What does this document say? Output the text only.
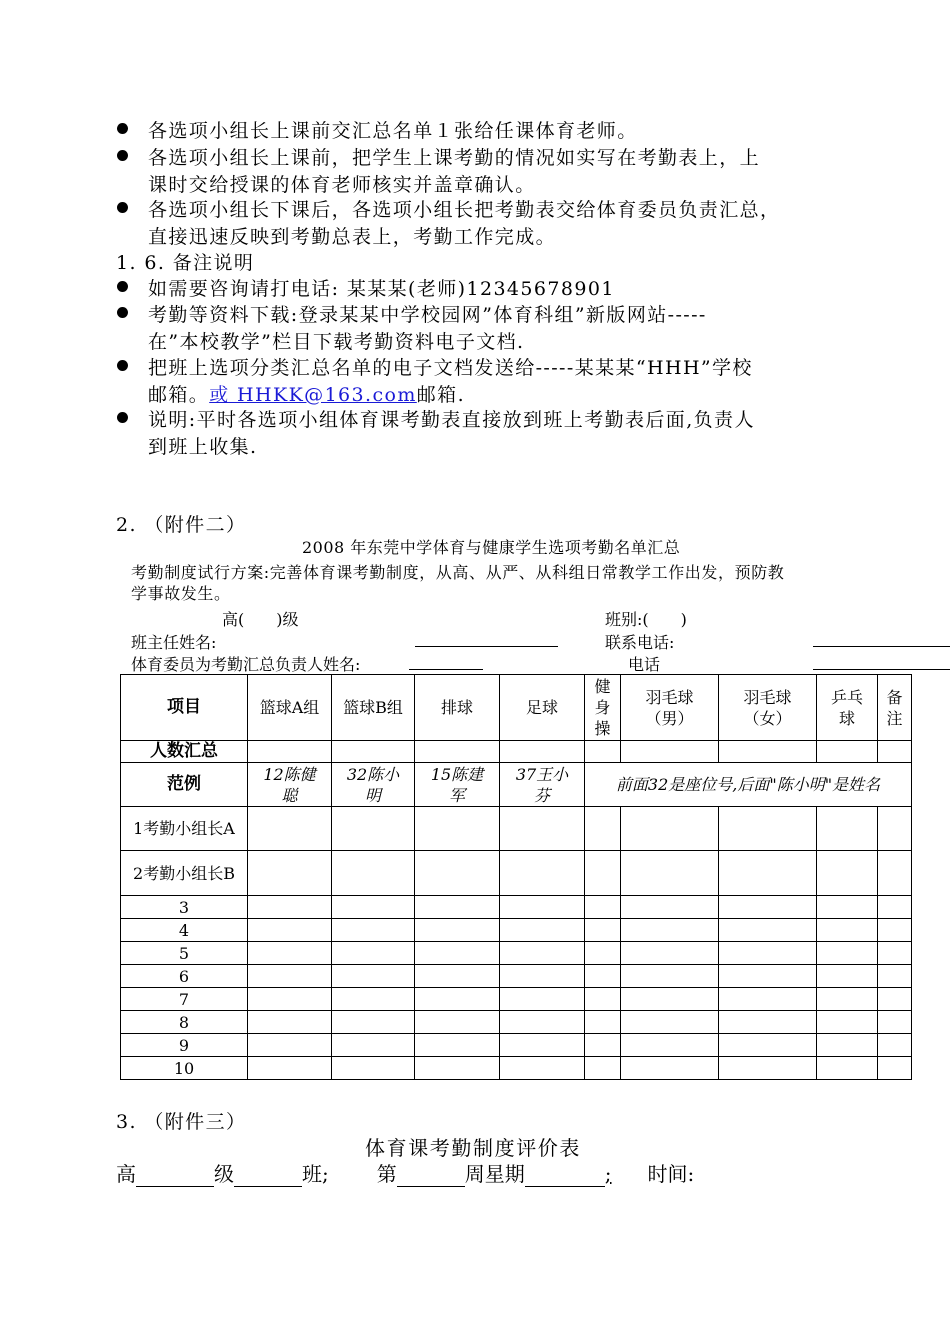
各选项小组长上课前交汇总名单１张给任课体育老师。
各选项小组长上课前，把学生上课考勤的情况如实写在考勤表上，上
课时交给授课的体育老师核实并盖章确认。
各选项小组长下课后，各选项小组长把考勤表交给体育委员负责汇总，
直接迅速反映到考勤总表上，考勤工作完成。
1. 6. 备注说明
如需要咨询请打电话: 某某某(老师)12345678901
考勤等资料下载:登录某某中学校园网”体育科组”新版网站-----
在”本校教学”栏目下载考勤资料电子文档.
把班上选项分类汇总名单的电子文档发送给-----某某某“HHH”学校
邮箱。或 HHKK@163.com邮箱.
说明:平时各选项小组体育课考勤表直接放到班上考勤表后面,负责人
到班上收集.
2. （附件二）
2008 年东莞中学体育与健康学生选项考勤名单汇总
考勤制度试行方案:完善体育课考勤制度，从高、从严、从科组日常教学工作出发，预防教
学事故发生。
高(　　)级	班别:(　　)
班主任姓名:	联系电话:
体育委员为考勤汇总负责人姓名:	电话
项目	篮球A组	篮球B组	排球	足球	健身操	羽毛球（男）	羽毛球（女）	乒乓球	备注
人数汇总									
范例	12陈健聪	32陈小明	15陈建军	37王小芬	前面32是座位号,后面"陈小明"是姓名				
1考勤小组长A									
2考勤小组长B									
3									
4									
5									
6									
7									
8									
9									
10									
3. （附件三）
体育课考勤制度评价表
高	级	班; 第	周星期	; 时间:
